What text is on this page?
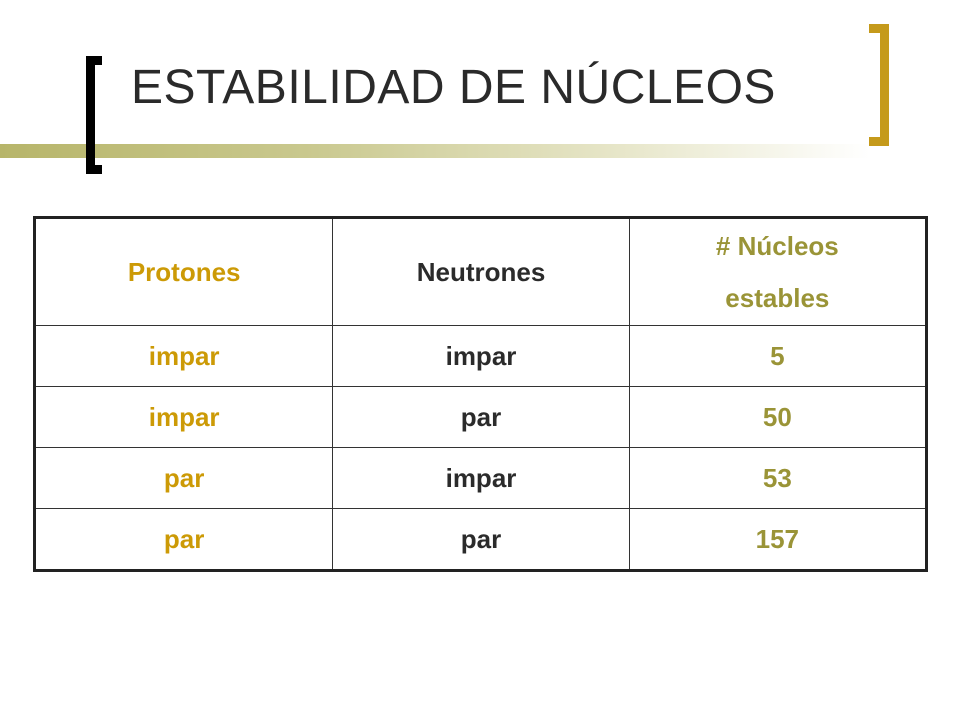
ESTABILIDAD DE NÚCLEOS
Protones	Neutrones	# Núcleos
estables
impar	impar	5
impar	par	50
par	impar	53
par	par	157
